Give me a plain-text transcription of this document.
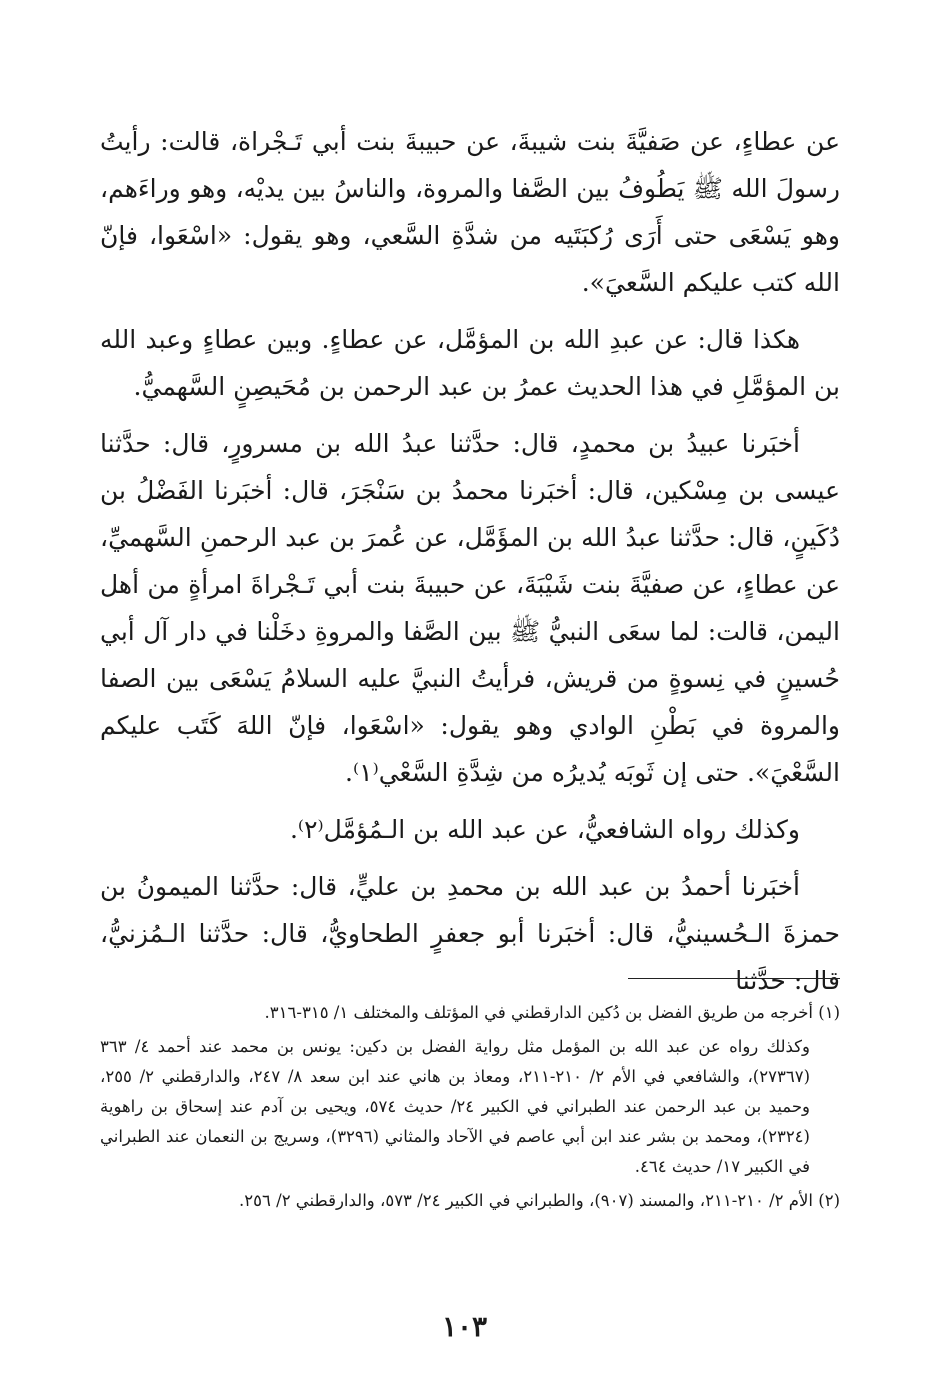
عن عطاءٍ، عن صَفيَّةَ بنت شيبةَ، عن حبيبةَ بنت أبي تَـجْراة، قالت: رأيتُ رسولَ الله ﷺ يَطُوفُ بين الصَّفا والمروة، والناسُ بين يديْه، وهو وراءَهم، وهو يَسْعَى حتى أَرَى رُكبَتَيه من شدَّةِ السَّعي، وهو يقول: «اسْعَوا، فإنّ الله كتب عليكم السَّعيَ».

هكذا قال: عن عبدِ الله بن المؤمَّل، عن عطاءٍ. وبين عطاءٍ وعبد الله بن المؤمَّلِ في هذا الحديث عمرُ بن عبد الرحمن بن مُحَيصِنٍ السَّهميُّ.

أخبَرنا عبيدُ بن محمدٍ، قال: حدَّثنا عبدُ الله بن مسرورٍ، قال: حدَّثنا عيسى بن مِسْكين، قال: أخبَرنا محمدُ بن سَنْجَرَ، قال: أخبَرنا الفَضْلُ بن دُكَينٍ، قال: حدَّثنا عبدُ الله بن المؤَمَّل، عن عُمرَ بن عبد الرحمنِ السَّهميِّ، عن عطاءٍ، عن صفيَّةَ بنت شَيْبَةَ، عن حبيبةَ بنت أبي تَـجْراةَ امرأةٍ من أهل اليمن، قالت: لما سعَى النبيُّ ﷺ بين الصَّفا والمروةِ دخَلْنا في دار آل أبي حُسينٍ في نِسوةٍ من قريش، فرأيتُ النبيَّ عليه السلامُ يَسْعَى بين الصفا والمروة في بَطْنِ الوادي وهو يقول: «اسْعَوا، فإنّ اللهَ كَتَب عليكم السَّعْيَ». حتى إن ثَوبَه يُديرُه من شِدَّةِ السَّعْي⁽١⁾.

وكذلك رواه الشافعيُّ، عن عبد الله بن الـمُؤمَّل⁽٢⁾.

أخبَرنا أحمدُ بن عبد الله بن محمدِ بن عليٍّ، قال: حدَّثنا الميمونُ بن حمزةَ الـحُسينيُّ، قال: أخبَرنا أبو جعفرٍ الطحاويُّ، قال: حدَّثنا الـمُزنيُّ، قال: حدَّثنا

(١) أخرجه من طريق الفضل بن دُكين الدارقطني في المؤتلف والمختلف ١/ ٣١٥-٣١٦.

وكذلك رواه عن عبد الله بن المؤمل مثل رواية الفضل بن دكين: يونس بن محمد عند أحمد ٤/ ٣٦٣ (٢٧٣٦٧)، والشافعي في الأم ٢/ ٢١٠-٢١١، ومعاذ بن هاني عند ابن سعد ٨/ ٢٤٧، والدارقطني ٢/ ٢٥٥، وحميد بن عبد الرحمن عند الطبراني في الكبير ٢٤/ حديث ٥٧٤، ويحيى بن آدم عند إسحاق بن راهوية (٢٣٢٤)، ومحمد بن بشر عند ابن أبي عاصم في الآحاد والمثاني (٣٢٩٦)، وسريج بن النعمان عند الطبراني في الكبير ١٧/ حديث ٤٦٤.

(٢) الأم ٢/ ٢١٠-٢١١، والمسند (٩٠٧)، والطبراني في الكبير ٢٤/ ٥٧٣، والدارقطني ٢/ ٢٥٦.

١٠٣
